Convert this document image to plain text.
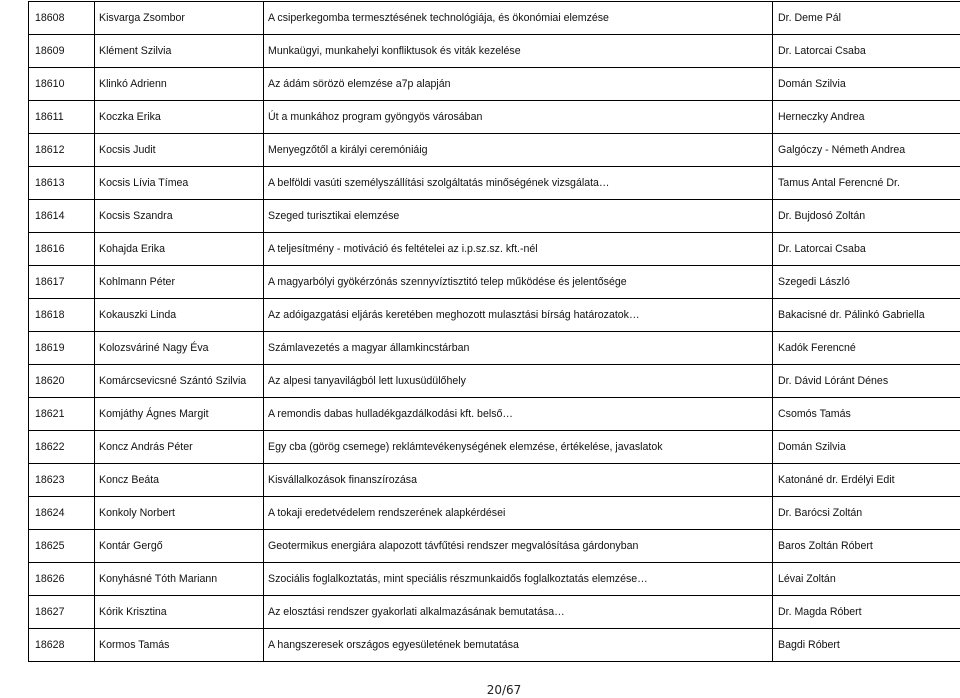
18608	Kisvarga Zsombor	A csiperkegomba termesztésének technológiája, és ökonómiai elemzése	Dr. Deme Pál
18609	Klément Szilvia	Munkaügyi, munkahelyi konfliktusok és viták kezelése	Dr. Latorcai Csaba
18610	Klinkó Adrienn	Az ádám sörözö elemzése a7p alapján	Domán Szilvia
18611	Koczka Erika	Út a munkához program gyöngyös városában	Herneczky Andrea
18612	Kocsis Judit	Menyegzőtől a királyi ceremóniáig	Galgóczy - Németh Andrea
18613	Kocsis Lívia Tímea	A belföldi vasúti személyszállítási szolgáltatás minőségének vizsgálata…	Tamus Antal Ferencné Dr.
18614	Kocsis Szandra	Szeged turisztikai elemzése	Dr. Bujdosó Zoltán
18616	Kohajda Erika	A teljesítmény - motiváció és feltételei az i.p.sz.sz. kft.-nél	Dr. Latorcai Csaba
18617	Kohlmann Péter	A magyarbólyi gyökérzónás szennyvíztisztitó telep működése és jelentősége	Szegedi László
18618	Kokauszki Linda	Az adóigazgatási eljárás keretében meghozott mulasztási bírság határozatok…	Bakacisné dr. Pálinkó Gabriella
18619	Kolozsváriné Nagy Éva	Számlavezetés a magyar államkincstárban	Kadók Ferencné
18620	Komárcsevicsné Szántó Szilvia	Az alpesi tanyavilágból lett luxusüdülőhely	Dr. Dávid Lóránt Dénes
18621	Komjáthy Ágnes Margit	A remondis dabas hulladékgazdálkodási kft. belső…	Csomós Tamás
18622	Koncz András Péter	Egy cba (görög csemege) reklámtevékenységének elemzése, értékelése, javaslatok	Domán Szilvia
18623	Koncz Beáta	Kisvállalkozások finanszírozása	Katonáné dr. Erdélyi Edit
18624	Konkoly Norbert	A tokaji eredetvédelem rendszerének alapkérdései	Dr. Barócsi Zoltán
18625	Kontár Gergő	Geotermikus energiára alapozott távfűtési rendszer megvalósítása gárdonyban	Baros Zoltán Róbert
18626	Konyhásné Tóth Mariann	Szociális foglalkoztatás, mint speciális részmunkaidős foglalkoztatás elemzése…	Lévai Zoltán
18627	Kórik Krisztina	Az elosztási rendszer gyakorlati alkalmazásának bemutatása…	Dr. Magda Róbert
18628	Kormos Tamás	A hangszeresek országos egyesületének bemutatása	Bagdi Róbert
20/67
